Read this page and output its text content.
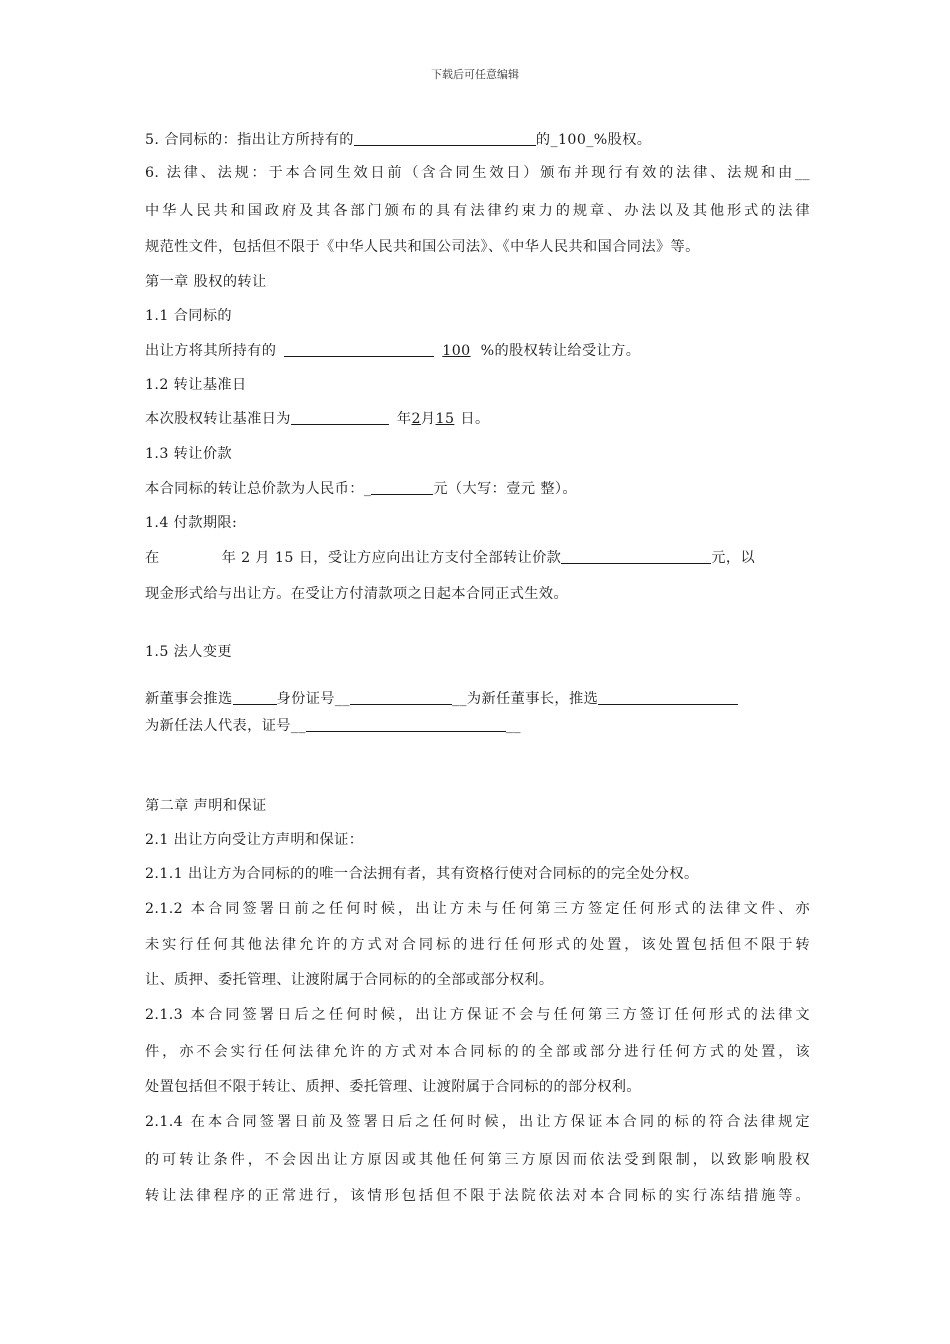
下载后可任意编辑
5. 合同标的：指出让方所持有的	的_100_%股权。
6. 法律、法规：于本合同生效日前（含合同生效日）颁布并现行有效的法律、法规和由__
中华人民共和国政府及其各部门颁布的具有法律约束力的规章、办法以及其他形式的法律
规范性文件，包括但不限于《中华人民共和国公司法》、《中华人民共和国合同法》等。
第一章 股权的转让
1.1 合同标的
出让方将其所持有的	100 %的股权转让给受让方。
1.2 转让基准日
本次股权转让基准日为	年2月15 日。
1.3 转让价款
本合同标的转让总价款为人民币：_	元（大写：壹元 整）。
1.4 付款期限:
在	年 2 月 15 日，受让方应向出让方支付全部转让价款	元，以
现金形式给与出让方。在受让方付清款项之日起本合同正式生效。
1.5 法人变更
新董事会推选	身份证号__	__为新任董事长，推选
为新任法人代表，证号__	__
第二章 声明和保证
2.1 出让方向受让方声明和保证：
2.1.1 出让方为合同标的的唯一合法拥有者，其有资格行使对合同标的的完全处分权。
2.1.2 本合同签署日前之任何时候，出让方未与任何第三方签定任何形式的法律文件、亦
未实行任何其他法律允许的方式对合同标的进行任何形式的处置，该处置包括但不限于转
让、质押、委托管理、让渡附属于合同标的的全部或部分权利。
2.1.3 本合同签署日后之任何时候，出让方保证不会与任何第三方签订任何形式的法律文
件，亦不会实行任何法律允许的方式对本合同标的的全部或部分进行任何方式的处置，该
处置包括但不限于转让、质押、委托管理、让渡附属于合同标的的部分权利。
2.1.4 在本合同签署日前及签署日后之任何时候，出让方保证本合同的标的符合法律规定
的可转让条件，不会因出让方原因或其他任何第三方原因而依法受到限制，以致影响股权
转让法律程序的正常进行，该情形包括但不限于法院依法对本合同标的实行冻结措施等。
